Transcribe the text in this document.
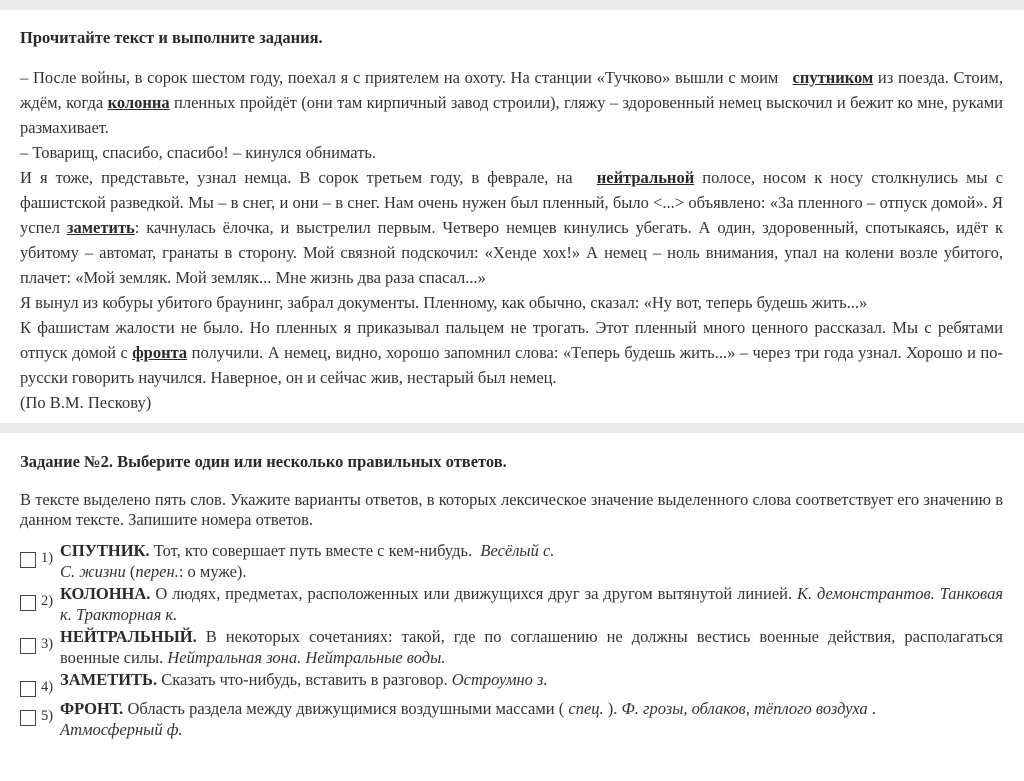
Прочитайте текст и выполните задания.

– После войны, в сорок шестом году, поехал я с приятелем на охоту. На станции «Тучково» вышли с моим спутником из поезда. Стоим, ждём, когда колонна пленных пройдёт (они там кирпичный завод строили), гляжу – здоровенный немец выскочил и бежит ко мне, руками размахивает.

– Товарищ, спасибо, спасибо! – кинулся обнимать.

И я тоже, представьте, узнал немца. В сорок третьем году, в феврале, на нейтральной полосе, носом к носу столкнулись мы с фашистской разведкой. Мы – в снег, и они – в снег. Нам очень нужен был пленный, было <...> объявлено: «За пленного – отпуск домой». Я успел заметить: качнулась ёлочка, и выстрелил первым. Четверо немцев кинулись убегать. А один, здоровенный, спотыкаясь, идёт к убитому – автомат, гранаты в сторону. Мой связной подскочил: «Хенде хох!» А немец – ноль внимания, упал на колени возле убитого, плачет: «Мой земляк. Мой земляк... Мне жизнь два раза спасал...»

Я вынул из кобуры убитого браунинг, забрал документы. Пленному, как обычно, сказал: «Ну вот, теперь будешь жить...»

К фашистам жалости не было. Но пленных я приказывал пальцем не трогать. Этот пленный много ценного рассказал. Мы с ребятами отпуск домой с фронта получили. А немец, видно, хорошо запомнил слова: «Теперь будешь жить...» – через три года узнал. Хорошо и по-русски говорить научился. Наверное, он и сейчас жив, нестарый был немец.

(По В.М. Пескову)

Задание №2. Выберите один или несколько правильных ответов.
В тексте выделено пять слов. Укажите варианты ответов, в которых лексическое значение выделенного слова соответствует его значению в данном тексте. Запишите номера ответов.
1) СПУТНИК. Тот, кто совершает путь вместе с кем-нибудь. Весёлый с.
С. жизни (перен.: о муже).
2) КОЛОННА. О людях, предметах, расположенных или движущихся друг за другом вытянутой линией. К. демонстрантов. Танковая к. Тракторная к.
3) НЕЙТРАЛЬНЫЙ. В некоторых сочетаниях: такой, где по соглашению не должны вестись военные действия, располагаться военные силы. Нейтральная зона. Нейтральные воды.
4) ЗАМЕТИТЬ. Сказать что-нибудь, вставить в разговор. Остроумно з.
5) ФРОНТ. Область раздела между движущимися воздушными массами ( спец. ). Ф. грозы, облаков, тёплого воздуха .
Атмосферный ф.
